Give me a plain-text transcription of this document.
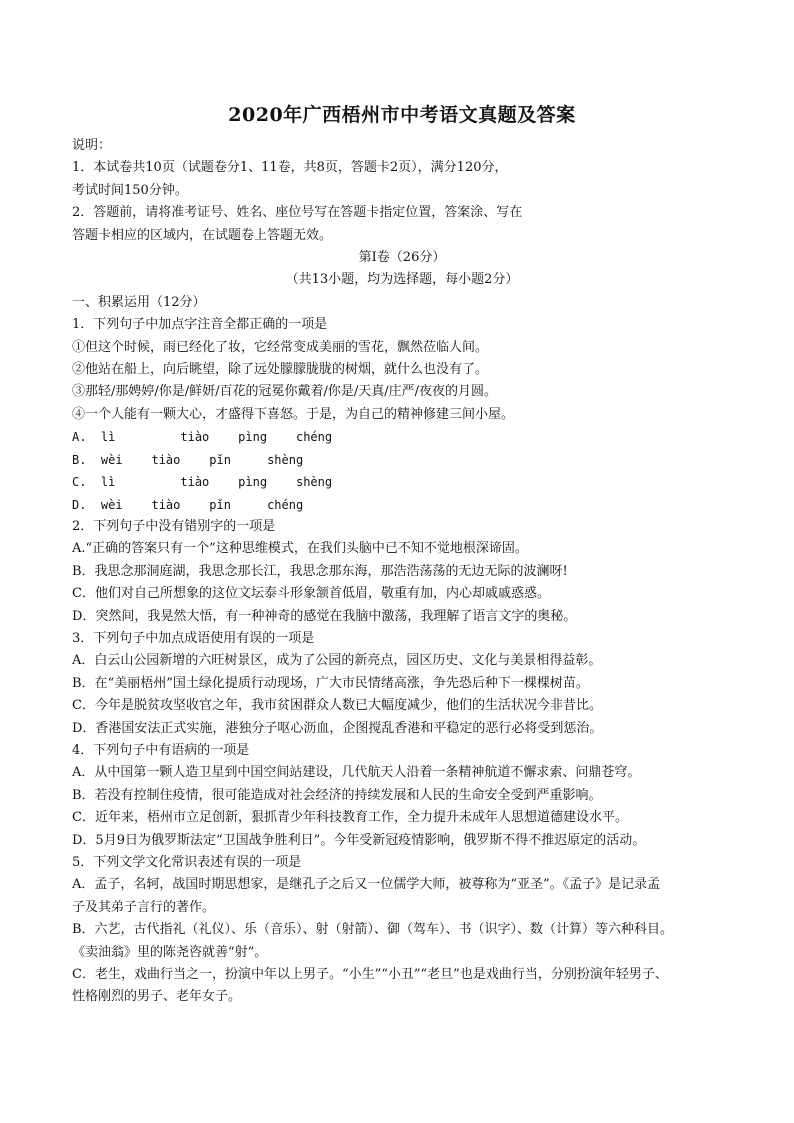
2020年广西梧州市中考语文真题及答案
说明：
1．本试卷共10页（试题卷分1、11卷，共8页，答题卡2页），满分120分，
考试时间150分钟。
2．答题前，请将准考证号、姓名、座位号写在答题卡指定位置，答案涂、写在
答题卡相应的区域内，在试题卷上答题无效。
第Ⅰ卷（26分）
（共13小题，均为选择题，每小题2分）
一、积累运用（12分）
1．下列句子中加点字注音全都正确的一项是
①但这个时候，雨已经化了妆，它经常变成美丽的雪花，飘然莅临人间。
②他站在船上，向后眺望，除了远处朦朦胧胧的树烟，就什么也没有了。
③那轻/那娉婷/你是/鲜妍/百花的冠冕你戴着/你是/天真/庄严/夜夜的月圆。
④一个人能有一颗大心，才盛得下喜怒。于是，为自己的精神修建三间小屋。
A.  lì         tiào    pìng    chéng
B.  wèi    tiào    pǐn     shèng
C.  lì         tiào    pìng    shèng
D.  wèi    tiào    pǐn     chéng
2．下列句子中没有错别字的一项是
A.“正确的答案只有一个”这种思维模式，在我们头脑中已不知不觉地根深谛固。
B．我思念那洞庭湖，我思念那长江，我思念那东海，那浩浩荡荡的无边无际的波澜呀!
C．他们对自己所想象的这位文坛泰斗形象颔首低眉，敬重有加，内心却戚戚惑惑。
D．突然间，我晃然大悟，有一种神奇的感觉在我脑中激荡，我理解了语言文字的奥秘。
3．下列句子中加点成语使用有误的一项是
A．白云山公园新增的六旺树景区，成为了公园的新亮点，园区历史、文化与美景相得益彰。
B．在“美丽梧州”国土绿化提质行动现场，广大市民情绪高涨，争先恐后种下一棵棵树苗。
C．今年是脱贫攻坚收官之年，我市贫困群众人数已大幅度减少，他们的生活状况今非昔比。
D．香港国安法正式实施，港独分子呕心沥血，企图搅乱香港和平稳定的恶行必将受到惩治。
4．下列句子中有语病的一项是
A．从中国第一颗人造卫星到中国空间站建设，几代航天人沿着一条精神航道不懈求索、问鼎苍穹。
B．若没有控制住疫情，很可能造成对社会经济的持续发展和人民的生命安全受到严重影响。
C．近年来，梧州市立足创新，狠抓青少年科技教育工作，全力提升未成年人思想道德建设水平。
D．5月9日为俄罗斯法定“卫国战争胜利日”。今年受新冠疫情影响，俄罗斯不得不推迟原定的活动。
5．下列文学文化常识表述有误的一项是
A．孟子，名轲，战国时期思想家，是继孔子之后又一位儒学大师，被尊称为“亚圣”。《孟子》是记录孟
子及其弟子言行的著作。
B．六艺，古代指礼（礼仪）、乐（音乐）、射（射箭）、御（驾车）、书（识字）、数（计算）等六种科目。
《卖油翁》里的陈尧咨就善“射”。
C．老生，戏曲行当之一，扮演中年以上男子。“小生”“小丑”“老旦”也是戏曲行当，分别扮演年轻男子、
性格刚烈的男子、老年女子。
